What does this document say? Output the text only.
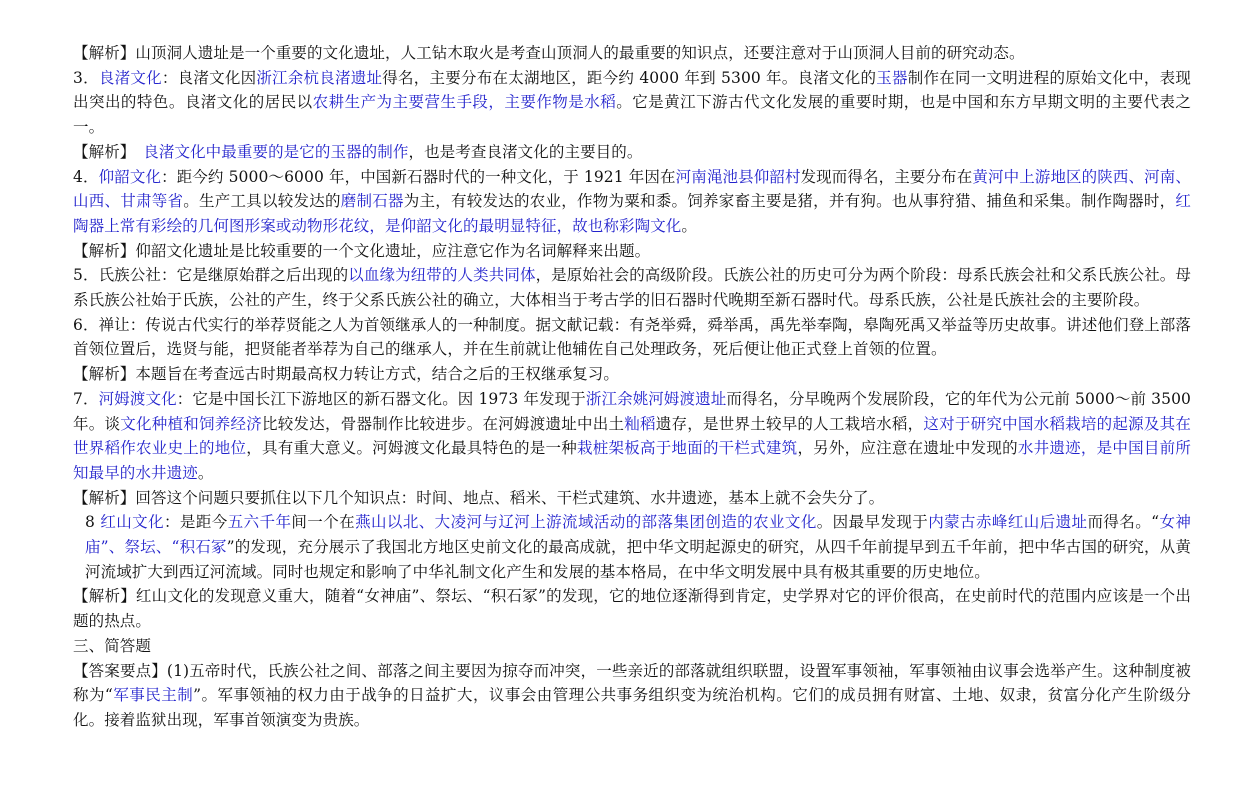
【解析】山顶洞人遗址是一个重要的文化遗址，人工钻木取火是考查山顶洞人的最重要的知识点，还要注意对于山顶洞人目前的研究动态。

3．良渚文化：良渚文化因浙江余杭良渚遗址得名，主要分布在太湖地区，距今约 4000 年到 5300 年。良渚文化的玉器制作在同一文明进程的原始文化中，表现出突出的特色。良渚文化的居民以农耕生产为主要营生手段，主要作物是水稻。它是黄江下游古代文化发展的重要时期，也是中国和东方早期文明的主要代表之一。

【解析】　良渚文化中最重要的是它的玉器的制作，也是考查良渚文化的主要目的。

4．仰韶文化：距今约 5000～6000 年，中国新石器时代的一种文化，于 1921 年因在河南渑池县仰韶村发现而得名，主要分布在黄河中上游地区的陕西、河南、山西、甘肃等省。生产工具以较发达的磨制石器为主，有较发达的农业，作物为粟和黍。饲养家畜主要是猪，并有狗。也从事狩猎、捕鱼和采集。制作陶器时，红陶器上常有彩绘的几何图形案或动物形花纹，是仰韶文化的最明显特征，故也称彩陶文化。

【解析】仰韶文化遗址是比较重要的一个文化遗址，应注意它作为名词解释来出题。

5．氏族公社：它是继原始群之后出现的以血缘为纽带的人类共同体，是原始社会的高级阶段。氏族公社的历史可分为两个阶段：母系氏族会社和父系氏族公社。母系氏族公社始于氏族，公社的产生，终于父系氏族公社的确立，大体相当于考古学的旧石器时代晚期至新石器时代。母系氏族，公社是氏族社会的主要阶段。

6．禅让：传说古代实行的举荐贤能之人为首领继承人的一种制度。据文献记载：有尧举舜，舜举禹，禹先举奉陶，皋陶死禹又举益等历史故事。讲述他们登上部落首领位置后，选贤与能，把贤能者举荐为自己的继承人，并在生前就让他辅佐自己处理政务，死后便让他正式登上首领的位置。

【解析】本题旨在考查远古时期最高权力转让方式，结合之后的王权继承复习。

7．河姆渡文化：它是中国长江下游地区的新石器文化。因 1973 年发现于浙江余姚河姆渡遗址而得名，分早晚两个发展阶段，它的年代为公元前 5000～前 3500 年。谈文化种植和饲养经济比较发达，骨器制作比较进步。在河姆渡遗址中出土籼稻遗存，是世界土较早的人工栽培水稻，这对于研究中国水稻栽培的起源及其在世界稻作农业史上的地位，具有重大意义。河姆渡文化最具特色的是一种栽桩架板高于地面的干栏式建筑，另外，应注意在遗址中发现的水井遗迹，是中国目前所知最早的水井遗迹。

【解析】回答这个问题只要抓住以下几个知识点：时间、地点、稻米、干栏式建筑、水井遗迹，基本上就不会失分了。

8 红山文化：是距今五六千年间一个在燕山以北、大凌河与辽河上游流域活动的部落集团创造的农业文化。因最早发现于内蒙古赤峰红山后遗址而得名。“女神庙”、祭坛、“积石冢”的发现，充分展示了我国北方地区史前文化的最高成就，把中华文明起源史的研究，从四千年前提早到五千年前，把中华古国的研究，从黄河流域扩大到西辽河流域。同时也规定和影响了中华礼制文化产生和发展的基本格局，在中华文明发展中具有极其重要的历史地位。

【解析】红山文化的发现意义重大，随着“女神庙”、祭坛、“积石冢”的发现，它的地位逐渐得到肯定，史学界对它的评价很高，在史前时代的范围内应该是一个出题的热点。

三、简答题

【答案要点】(1)五帝时代，氏族公社之间、部落之间主要因为掠夺而冲突，一些亲近的部落就组织联盟，设置军事领袖，军事领袖由议事会选举产生。这种制度被称为“军事民主制”。军事领袖的权力由于战争的日益扩大，议事会由管理公共事务组织变为统治机构。它们的成员拥有财富、土地、奴隶，贫富分化产生阶级分化。接着监狱出现，军事首领演变为贵族。
